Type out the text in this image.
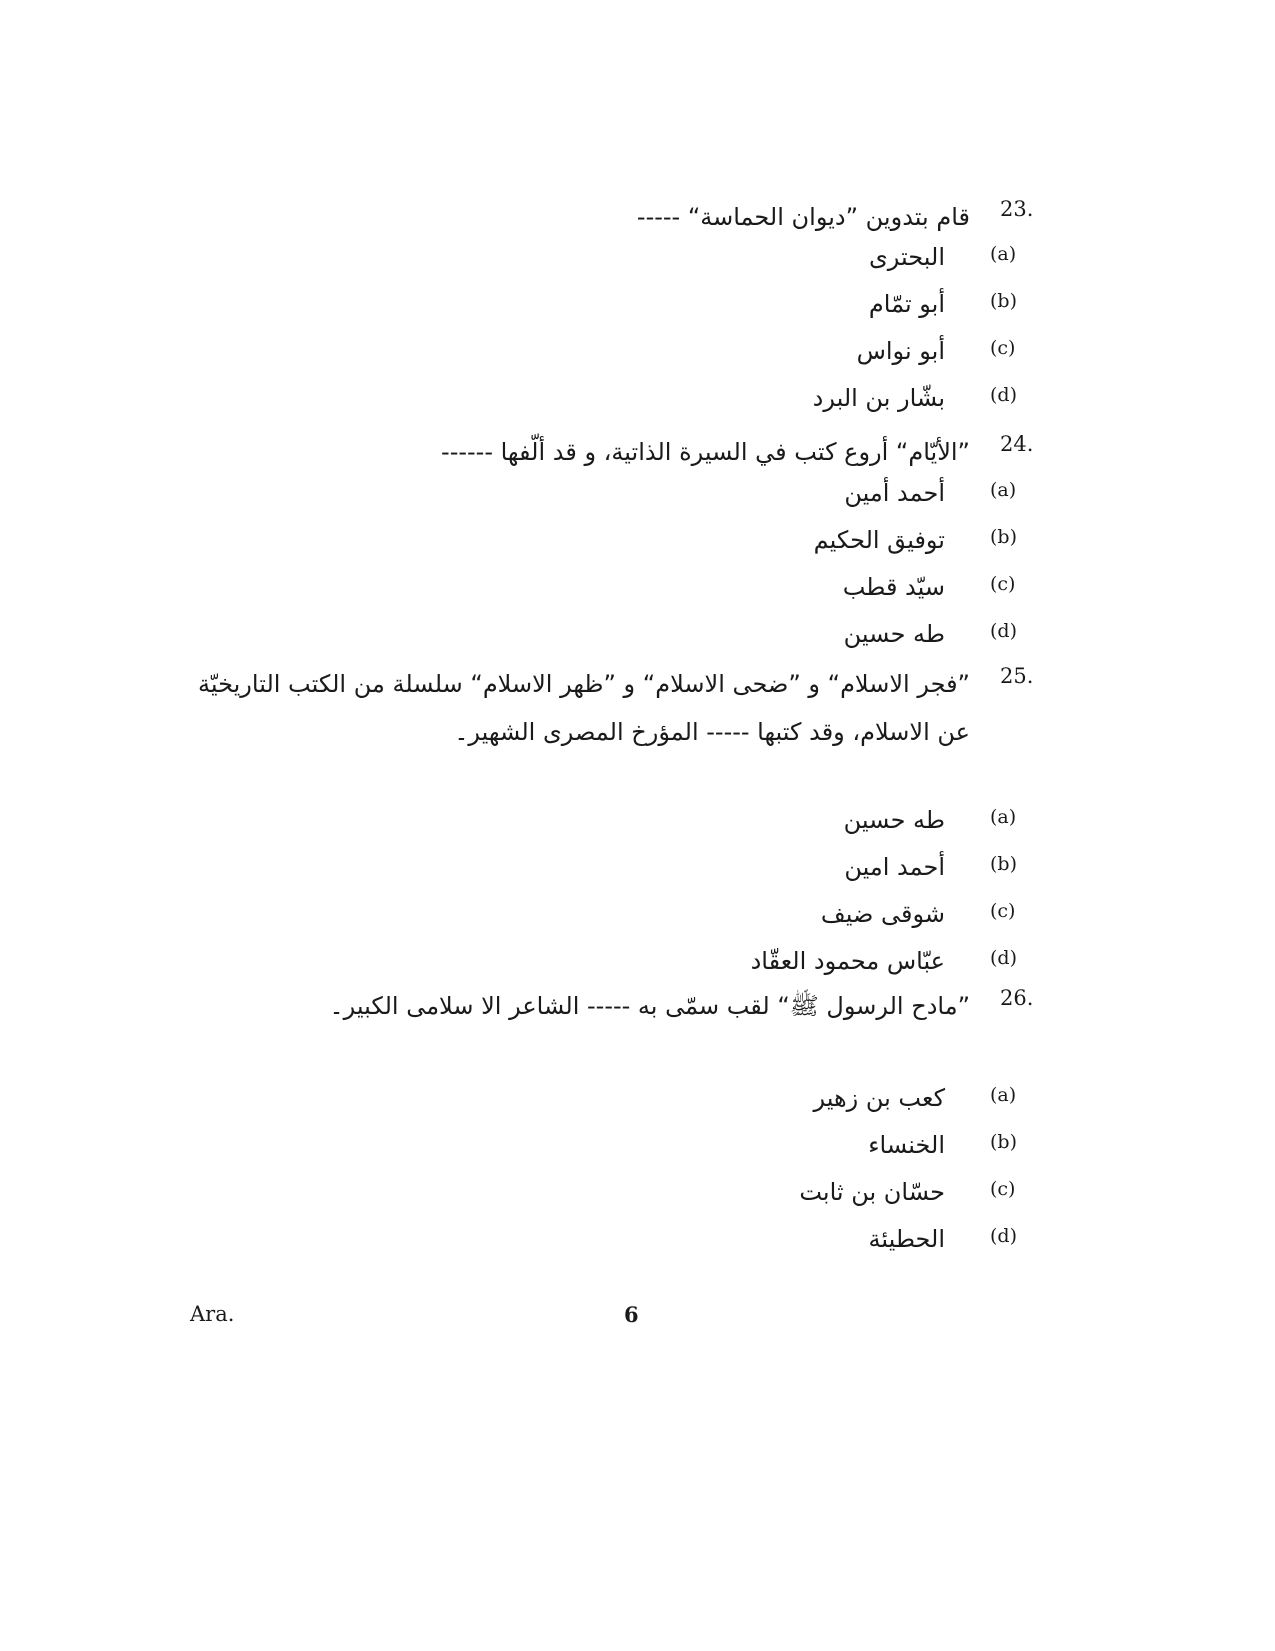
23.
قام بتدوين ”ديوان الحماسة“ -----
(a)
البحترى
(b)
أبو تمّام
(c)
أبو نواس
(d)
بشّار بن البرد
24.
”الأيّام“ أروع كتب في السيرة الذاتية، و قد ألّفها ------
(a)
أحمد أمين
(b)
توفيق الحكيم
(c)
سيّد قطب
(d)
طه حسين
25.
”فجر الاسلام“ و ”ضحى الاسلام“ و ”ظهر الاسلام“ سلسلة من الكتب التاريخيّة عن الاسلام، وقد كتبها ----- المؤرخ المصرى الشهير۔
(a)
طه حسين
(b)
أحمد امين
(c)
شوقى ضيف
(d)
عبّاس محمود العقّاد
26.
”مادح الرسول ﷺ“ لقب سمّى به ----- الشاعر الا سلامى الكبير۔
(a)
كعب بن زهير
(b)
الخنساء
(c)
حسّان بن ثابت
(d)
الحطيئة
Ara.	6
